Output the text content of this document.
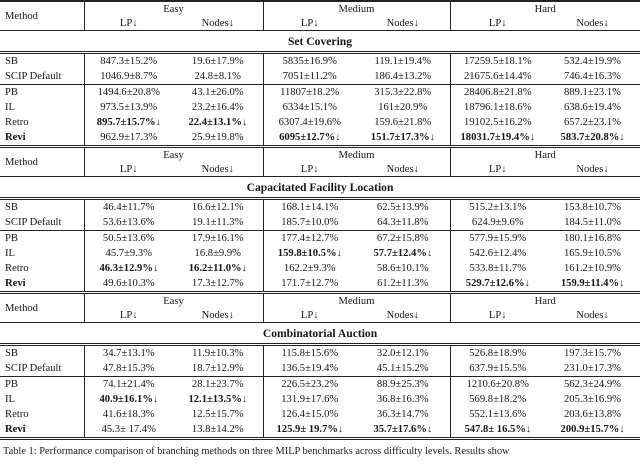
Set Covering						
Method	Easy		Medium		Hard	
	LP↓	Nodes↓	LP↓	Nodes↓	LP↓	Nodes↓
SB	847.3±15.2%	19.6±17.9%	5835±16.9%	119.1±19.4%	17259.5±18.1%	532.4±19.9%
SCIP Default	1046.9±8.7%	24.8±8.1%	7051±11.2%	186.4±13.2%	21675.6±14.4%	746.4±16.3%
PB	1494.6±20.8%	43.1±26.0%	11807±18.2%	315.3±22.8%	28406.8±21.8%	889.1±23.1%
IL	973.5±13.9%	23.2±16.4%	6334±15.1%	161±20.9%	18796.1±18.6%	638.6±19.4%
Retro	895.7±15.7%↓	22.4±13.1%↓	6307.4±19.6%	159.6±21.8%	19102.5±16.2%	657.2±23.1%
Revi	962.9±17.3%	25.9±19.8%	6095±12.7%↓	151.7±17.3%↓	18031.7±19.4%↓	583.7±20.8%↓
Capacitated Facility Location						
Method	Easy		Medium		Hard	
	LP↓	Nodes↓	LP↓	Nodes↓	LP↓	Nodes↓
SB	46.4±11.7%	16.6±12.1%	168.1±14.1%	62.5±13.9%	515.2±13.1%	153.8±10.7%
SCIP Default	53.6±13.6%	19.1±11.3%	185.7±10.0%	64.3±11.8%	624.9±9.6%	184.5±11.0%
PB	50.5±13.6%	17.9±16.1%	177.4±12.7%	67.2±15.8%	577.9±15.9%	180.1±16.8%
IL	45.7±9.3%	16.8±9.9%	159.8±10.5%↓	57.7±12.4%↓	542.6±12.4%	165.9±10.5%
Retro	46.3±12.9%↓	16.2±11.0%↓	162.2±9.3%	58.6±10.1%	533.8±11.7%	161.2±10.9%
Revi	49.6±10.3%	17.3±12.7%	171.7±12.7%	61.2±11.3%	529.7±12.6%↓	159.9±11.4%↓
Combinatorial Auction						
Method	Easy		Medium		Hard	
	LP↓	Nodes↓	LP↓	Nodes↓	LP↓	Nodes↓
SB	34.7±13.1%	11.9±10.3%	115.8±15.6%	32.0±12.1%	526.8±18.9%	197.3±15.7%
SCIP Default	47.8±15.3%	18.7±12.9%	136.5±19.4%	45.1±15.2%	637.9±15.5%	231.0±17.3%
PB	74.1±21.4%	28.1±23.7%	226.5±23.2%	88.9±25.3%	1210.6±20.8%	562.3±24.9%
IL	40.9±16.1%↓	12.1±13.5%↓	131.9±17.6%	36.8±16.3%	569.8±18.2%	205.3±16.9%
Retro	41.6±18.3%	12.5±15.7%	126.4±15.0%	36.3±14.7%	552.1±13.6%	203.6±13.8%
Revi	45.3± 17.4%	13.8±14.2%	125.9± 19.7%↓	35.7±17.6%↓	547.8± 16.5%↓	200.9±15.7%↓
Table 1: Performance comparison of branching methods on three MILP benchmarks across difficulty levels. Results show
